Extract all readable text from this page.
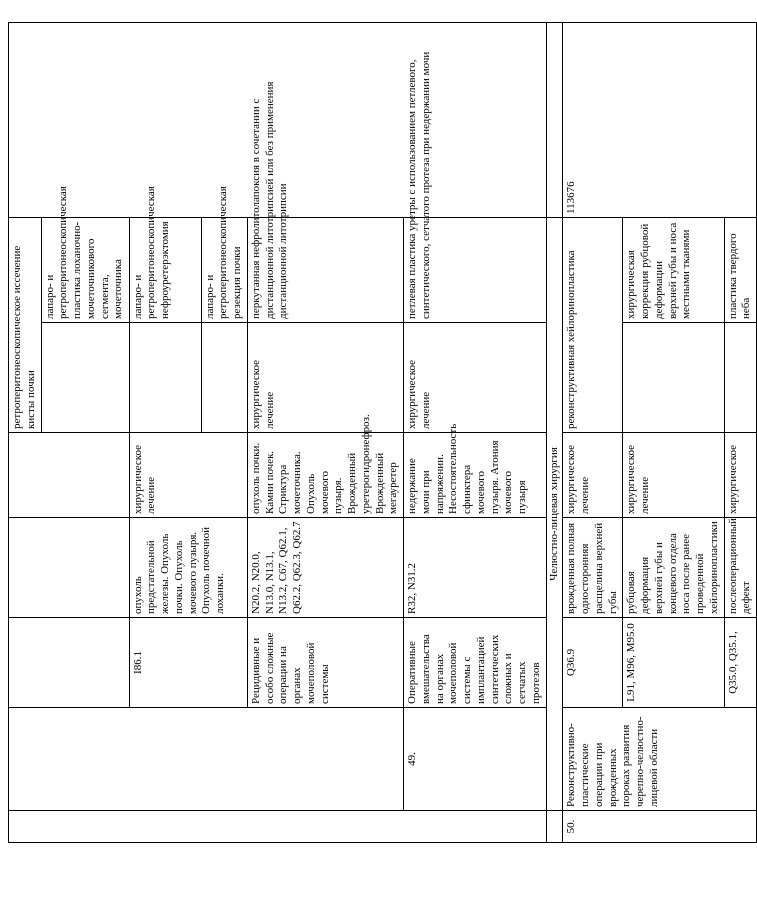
					ретроперитонеоскопическое иссечение кисты почки			
						лапаро- и ретроперитонеоскопическая пластика лоханочно-мочеточникового сегмента, мочеточника		
		I86.1	опухоль предстательной железы. Опухоль почки. Опухоль мочевого пузыря. Опухоль почечной лоханки.	хирургическое лечение		лапаро- и ретроперитонеоскопическая нефроуретерэктомия		
						лапаро- и ретроперитонеоскопическая резекция почки		
		Рецидивные и особо сложные операции на органах мочеполовой системы	N20.2, N20.0, N13.0, N13.1, N13.2, C67, Q62.1, Q62.2, Q62.3, Q62.7	опухоль почки. Камни почек. Стриктура мочеточника. Опухоль мочевого пузыря. Врожденный уретерогидронефроз. Врожденный мегауретер	хирургическое лечение	перкутанная нефролитолапоксия в сочетании с дистанционной литотрипсией или без применения дистанционной литотрипсии		
	49.	Оперативные вмешательства на органах мочеполовой системы с имплантацией синтетических сложных и сетчатых протезов	R32, N31.2	недержание мочи при напряжении. Несостоятельность сфинктера мочевого пузыря. Атония мочевого пузыря	хирургическое лечение	петлевая пластика уретры с использованием петлевого, синтетического, сетчатого протеза при недержании мочи	
	Челюстно-лицевая хирургия							
50.	Реконструктивно-пластические операции при врожденных пороках развития черепно-челюстно-лицевой области	Q36.9	врожденная полная односторонняя расщелина верхней губы	хирургическое лечение	реконструктивная хейлоринопластика		113676	
		L91, M96, M95.0	рубцовая деформация верхней губы и концевого отдела носа после ранее проведенной хейлоринопластики	хирургическое лечение		хирургическая коррекция рубцовой деформации верхней губы и носа местными тканями		
		Q35.0, Q35.1,	послеоперационный дефект	хирургическое		пластика твердого неба		
